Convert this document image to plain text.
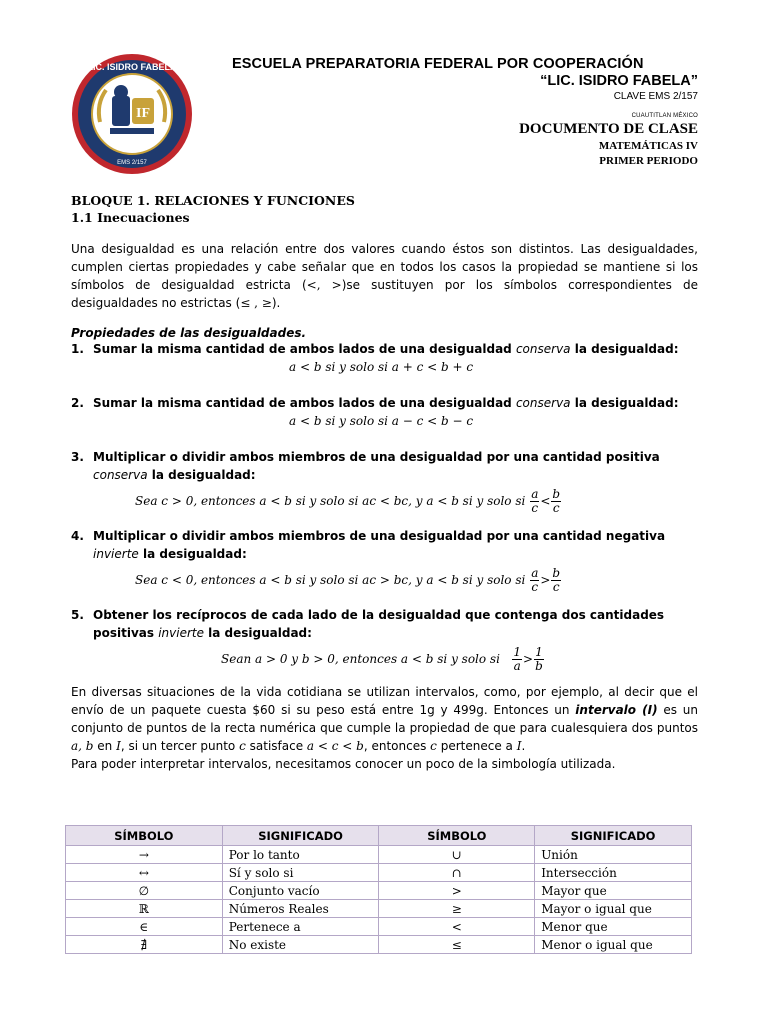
IF
LIC. ISIDRO FABELA
EMS 2/157
ESCUELA PREPARATORIA FEDERAL POR COOPERACIÓN
“LIC. ISIDRO FABELA”
CLAVE EMS 2/157
CUAUTITLAN MÉXICO
DOCUMENTO DE CLASE
MATEMÁTICAS IV
PRIMER PERIODO
BLOQUE 1. RELACIONES Y FUNCIONES
1.1 Inecuaciones

Una desigualdad es una relación entre dos valores cuando éstos son distintos. Las desigualdades, cumplen ciertas propiedades y cabe señalar que en todos los casos la propiedad se mantiene si los símbolos de desigualdad estricta (<, >)se sustituyen por los símbolos correspondientes de desigualdades no estrictas (≤ , ≥).

Propiedades de las desigualdades.
1. Sumar la misma cantidad de ambos lados de una desigualdad conserva la desigualdad:
a < b si y solo si a + c < b + c
2. Sumar la misma cantidad de ambos lados de una desigualdad conserva la desigualdad:
a < b si y solo si a − c < b − c
3. Multiplicar o dividir ambos miembros de una desigualdad por una cantidad positiva conserva la desigualdad:
Sea c > 0, entonces a < b si y solo si ac < bc, y a < b si y solo si $\frac{a}{c} < \frac{b}{c}$
4. Multiplicar o dividir ambos miembros de una desigualdad por una cantidad negativa invierte la desigualdad:
Sea c < 0, entonces a < b si y solo si ac > bc, y a < b si y solo si $\frac{a}{c} > \frac{b}{c}$
5. Obtener los recíprocos de cada lado de la desigualdad que contenga dos cantidades positivas invierte la desigualdad:
Sean a > 0 y b > 0, entonces a < b si y solo si $\frac{1}{a} > \frac{1}{b}$

En diversas situaciones de la vida cotidiana se utilizan intervalos, como, por ejemplo, al decir que el envío de un paquete cuesta $60 si su peso está entre 1g y 499g. Entonces un intervalo (I) es un conjunto de puntos de la recta numérica que cumple la propiedad de que para cualesquiera dos puntos a, b en I, si un tercer punto c satisface a < c < b, entonces c pertenece a I.

Para poder interpretar intervalos, necesitamos conocer un poco de la simbología utilizada.

SÍMBOLO	SIGNIFICADO	SÍMBOLO	SIGNIFICADO
→	Por lo tanto	∪	Unión
↔	Sí y solo si	∩	Intersección
∅	Conjunto vacío	>	Mayor que
ℝ	Números Reales	≥	Mayor o igual que
∈	Pertenece a	<	Menor que
∄	No existe	≤	Menor o igual que
